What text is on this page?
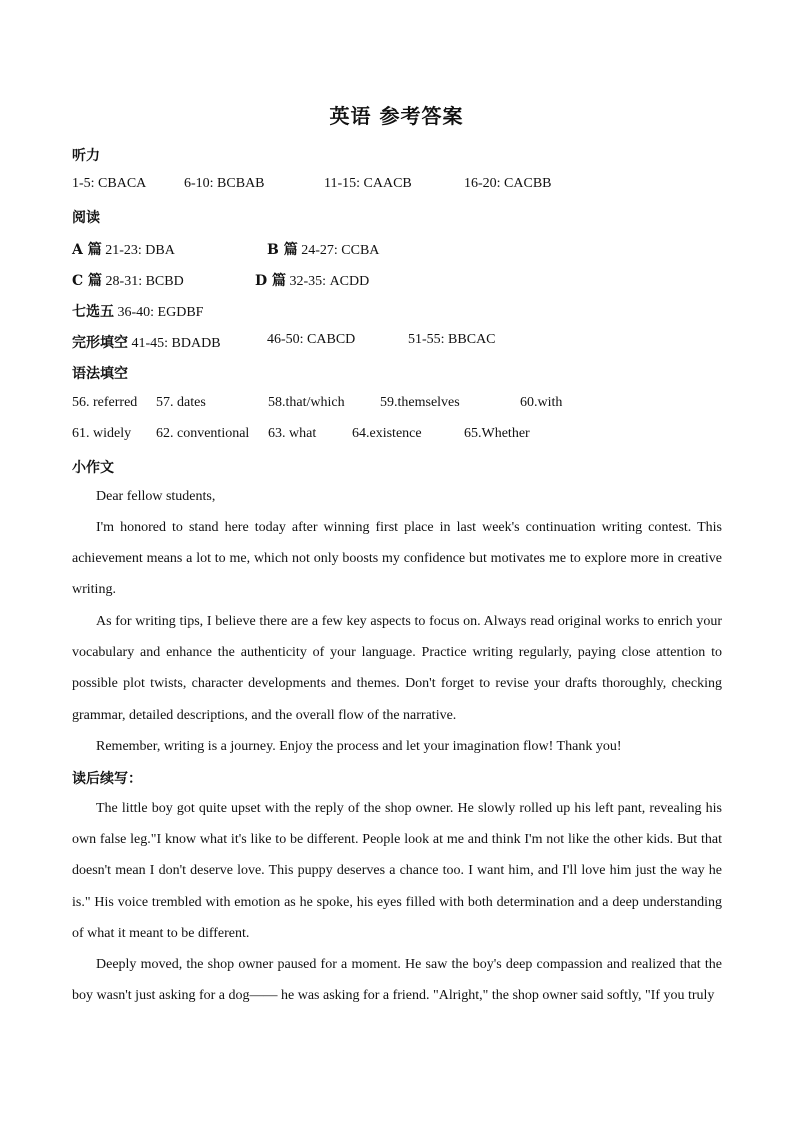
英语 参考答案
听力
1-5: CBACA	6-10: BCBAB	11-15: CAACB	16-20: CACBB
阅读
A 篇 21-23: DBA	B 篇 24-27: CCBA
C 篇 28-31: BCBD	D 篇 32-35: ACDD
七选五 36-40: EGDBF
完形填空 41-45: BDADB	46-50: CABCD	51-55: BBCAC
语法填空
56. referred 57. dates	58.that/which	59.themselves	60.with
61. widely 62. conventional 63. what	64.existence	65.Whether
小作文
Dear fellow students,
I'm honored to stand here today after winning first place in last week's continuation writing contest. This achievement means a lot to me, which not only boosts my confidence but motivates me to explore more in creative writing.
As for writing tips, I believe there are a few key aspects to focus on. Always read original works to enrich your vocabulary and enhance the authenticity of your language. Practice writing regularly, paying close attention to possible plot twists, character developments and themes. Don't forget to revise your drafts thoroughly, checking grammar, detailed descriptions, and the overall flow of the narrative.
Remember, writing is a journey. Enjoy the process and let your imagination flow! Thank you!
读后续写：
The little boy got quite upset with the reply of the shop owner. He slowly rolled up his left pant, revealing his own false leg."I know what it's like to be different. People look at me and think I'm not like the other kids. But that doesn't mean I don't deserve love. This puppy deserves a chance too. I want him, and I'll love him just the way he is." His voice trembled with emotion as he spoke, his eyes filled with both determination and a deep understanding of what it meant to be different.
Deeply moved, the shop owner paused for a moment. He saw the boy's deep compassion and realized that the boy wasn't just asking for a dog—— he was asking for a friend. "Alright," the shop owner said softly, "If you truly
